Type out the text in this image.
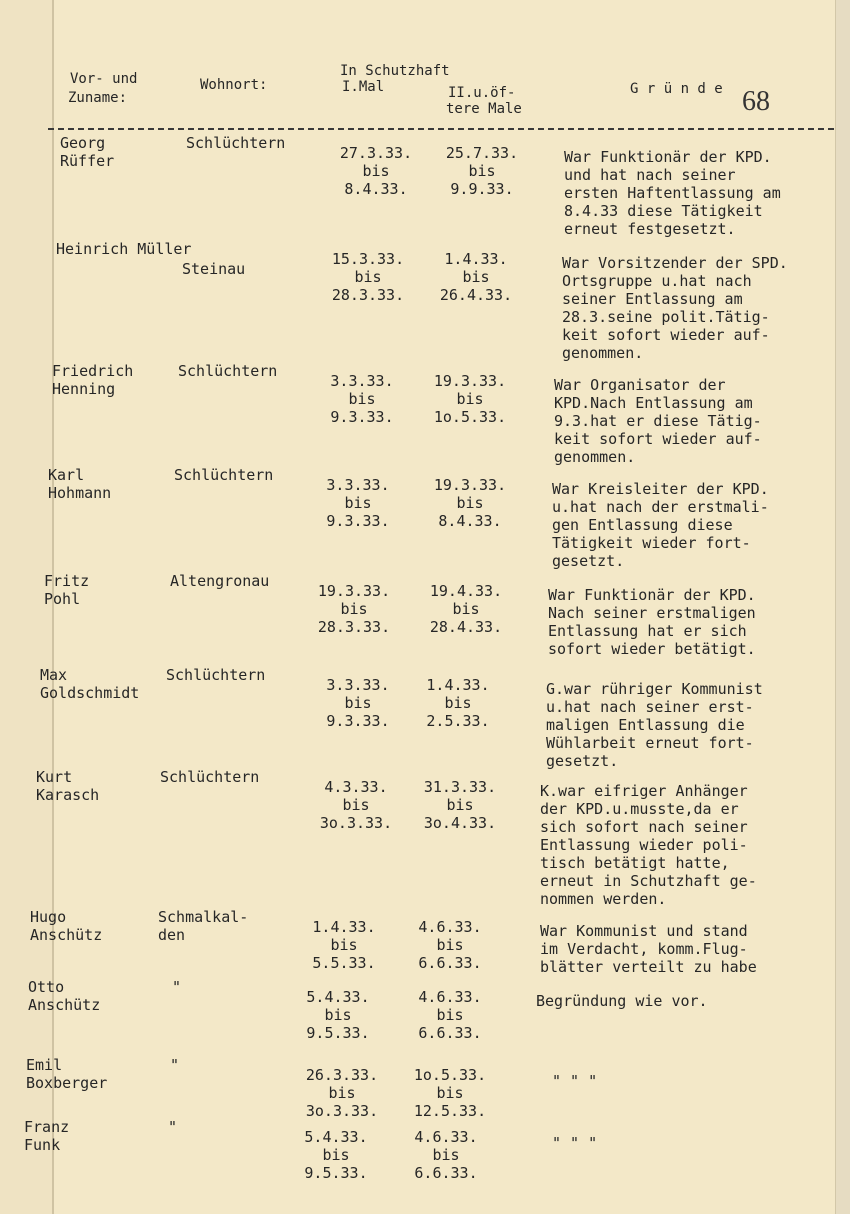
Vor- und
Zuname:
Wohnort:
In Schutzhaft
I.Mal	II.u.öf-
tere Male
G r ü n d e 68
Georg
Rüffer
Schlüchtern
27.3.33.
bis
8.4.33.
25.7.33.
bis
9.9.33.
War Funktionär der KPD.
und hat nach seiner
ersten Haftentlassung am
8.4.33 diese Tätigkeit
erneut festgesetzt.
Heinrich Müller
Steinau
15.3.33.
bis
28.3.33.
1.4.33.
bis
26.4.33.
War Vorsitzender der SPD.
Ortsgruppe u.hat nach
seiner Entlassung am
28.3.seine polit.Tätig-
keit sofort wieder auf-
genommen.
Friedrich
Henning
Schlüchtern
3.3.33.
bis
9.3.33.
19.3.33.
bis
1o.5.33.
War Organisator der
KPD.Nach Entlassung am
9.3.hat er diese Tätig-
keit sofort wieder auf-
genommen.
Karl
Hohmann
Schlüchtern
3.3.33.
bis
9.3.33.
19.3.33.
bis
8.4.33.
War Kreisleiter der KPD.
u.hat nach der erstmali-
gen Entlassung diese
Tätigkeit wieder fort-
gesetzt.
Fritz
Pohl
Altengronau
19.3.33.
bis
28.3.33.
19.4.33.
bis
28.4.33.
War Funktionär der KPD.
Nach seiner erstmaligen
Entlassung hat er sich
sofort wieder betätigt.
Max
Goldschmidt
Schlüchtern
3.3.33.
bis
9.3.33.
1.4.33.
bis
2.5.33.
G.war rühriger Kommunist
u.hat nach seiner erst-
maligen Entlassung die
Wühlarbeit erneut fort-
gesetzt.
Kurt
Karasch
Schlüchtern
4.3.33.
bis
3o.3.33.
31.3.33.
bis
3o.4.33.
K.war eifriger Anhänger
der KPD.u.musste,da er
sich sofort nach seiner
Entlassung wieder poli-
tisch betätigt hatte,
erneut in Schutzhaft ge-
nommen werden.
Hugo
Anschütz
Schmalkal-
den	1.4.33.
bis
5.5.33.
4.6.33.
bis
6.6.33.
War Kommunist und stand
im Verdacht, komm.Flug-
blätter verteilt zu habe
Otto
Anschütz
"
5.4.33.
bis
9.5.33.
4.6.33.
bis
6.6.33.
Begründung wie vor.
Emil
Boxberger
"
26.3.33.
bis
3o.3.33.
1o.5.33.
bis
12.5.33.
" " "
Franz
Funk
"
5.4.33.
bis
9.5.33.
4.6.33.
bis
6.6.33.
" " "
